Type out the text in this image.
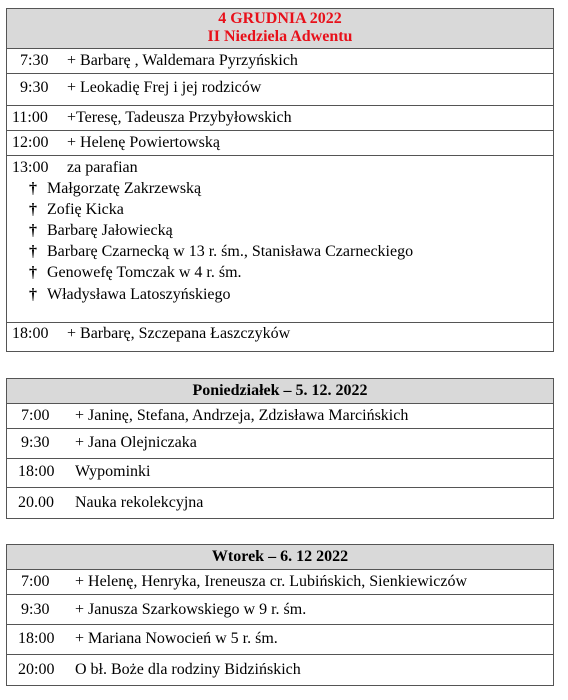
4 GRUDNIA 2022
II Niedziela Adwentu
7:30 + Barbarę , Waldemara Pyrzyńskich
9:30 + Leokadię Frej i jej rodziców
11:00 +Teresę, Tadeusza Przybyłowskich
12:00 + Helenę Powiertowską
13:00 za parafian
† Małgorzatę Zakrzewską
† Zofię Kicka
† Barbarę Jałowiecką
† Barbarę Czarnecką w 13 r. śm., Stanisława Czarneckiego
† Genowefę Tomczak w 4 r. śm.
† Władysława Latoszyńskiego
18:00 + Barbarę, Szczepana Łaszczyków
Poniedziałek – 5. 12. 2022
7:00 + Janinę, Stefana, Andrzeja, Zdzisława Marcińskich
9:30 + Jana Olejniczaka
18:00 Wypominki
20.00 Nauka rekolekcyjna
Wtorek – 6. 12 2022
7:00 + Helenę, Henryka, Ireneusza cr. Lubińskich, Sienkiewiczów
9:30 + Janusza Szarkowskiego w 9 r. śm.
18:00 + Mariana Nowocień w 5 r. śm.
20:00 O bł. Boże dla rodziny Bidzińskich
